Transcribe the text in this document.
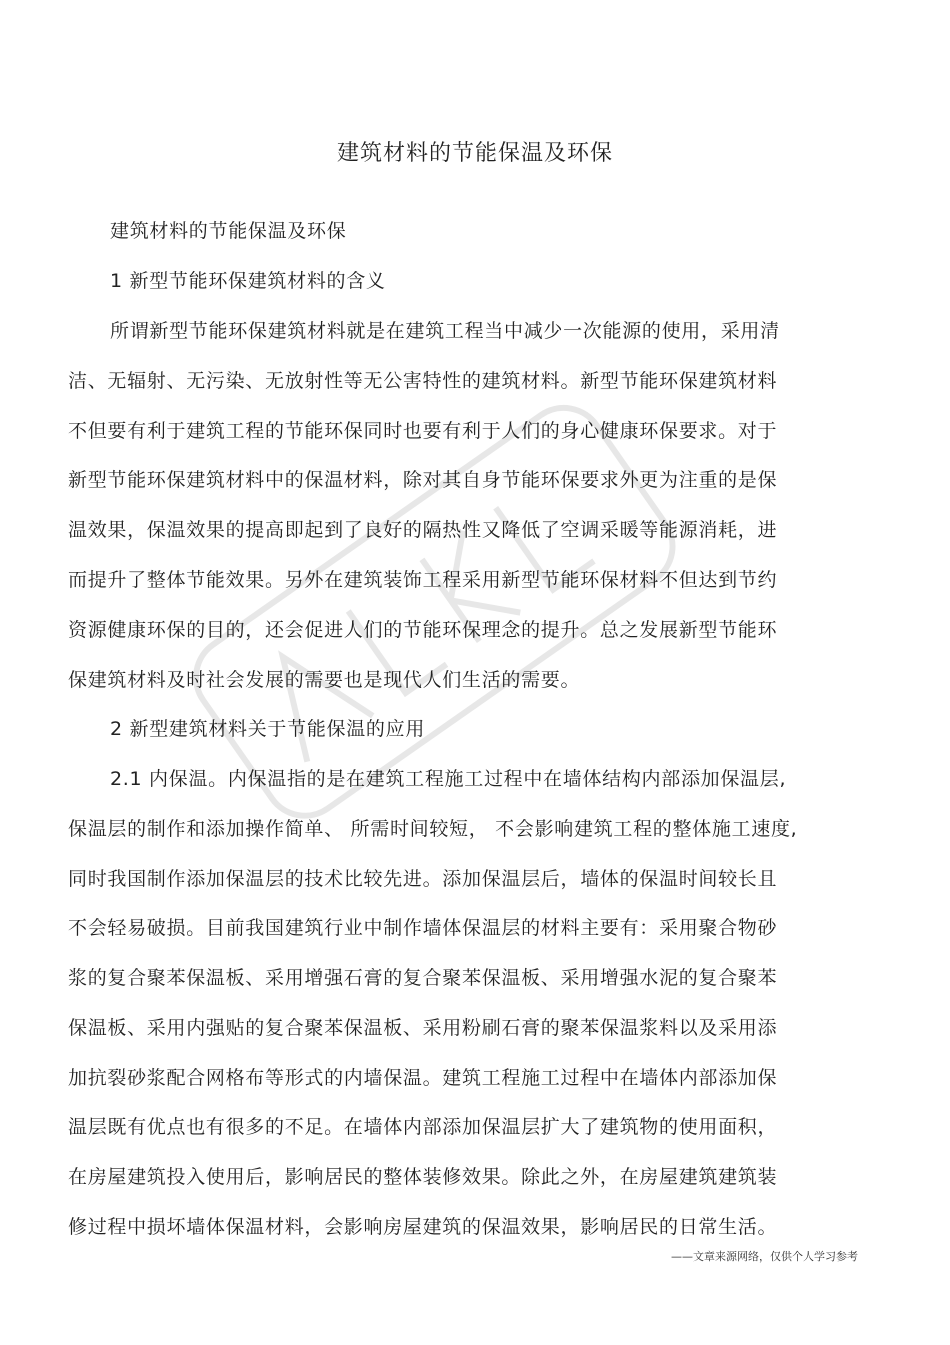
建筑材料的节能保温及环保
建筑材料的节能保温及环保
1 新型节能环保建筑材料的含义
所谓新型节能环保建筑材料就是在建筑工程当中减少一次能源的使用，采用清
洁、无辐射、无污染、无放射性等无公害特性的建筑材料。新型节能环保建筑材料
不但要有利于建筑工程的节能环保同时也要有利于人们的身心健康环保要求。对于
新型节能环保建筑材料中的保温材料，除对其自身节能环保要求外更为注重的是保
温效果，保温效果的提高即起到了良好的隔热性又降低了空调采暖等能源消耗，进
而提升了整体节能效果。另外在建筑装饰工程采用新型节能环保材料不但达到节约
资源健康环保的目的，还会促进人们的节能环保理念的提升。总之发展新型节能环
保建筑材料及时社会发展的需要也是现代人们生活的需要。
2 新型建筑材料关于节能保温的应用
2.1 内保温。内保温指的是在建筑工程施工过程中在墙体结构内部添加保温层,
保温层的制作和添加操作简单、 所需时间较短， 不会影响建筑工程的整体施工速度,
同时我国制作添加保温层的技术比较先进。添加保温层后，墙体的保温时间较长且
不会轻易破损。目前我国建筑行业中制作墙体保温层的材料主要有：采用聚合物砂
浆的复合聚苯保温板、采用增强石膏的复合聚苯保温板、采用增强水泥的复合聚苯
保温板、采用内强贴的复合聚苯保温板、采用粉刷石膏的聚苯保温浆料以及采用添
加抗裂砂浆配合网格布等形式的内墙保温。建筑工程施工过程中在墙体内部添加保
温层既有优点也有很多的不足。在墙体内部添加保温层扩大了建筑物的使用面积，
在房屋建筑投入使用后，影响居民的整体装修效果。除此之外，在房屋建筑建筑装
修过程中损坏墙体保温材料，会影响房屋建筑的保温效果，影响居民的日常生活。
——文章来源网络，仅供个人学习参考
